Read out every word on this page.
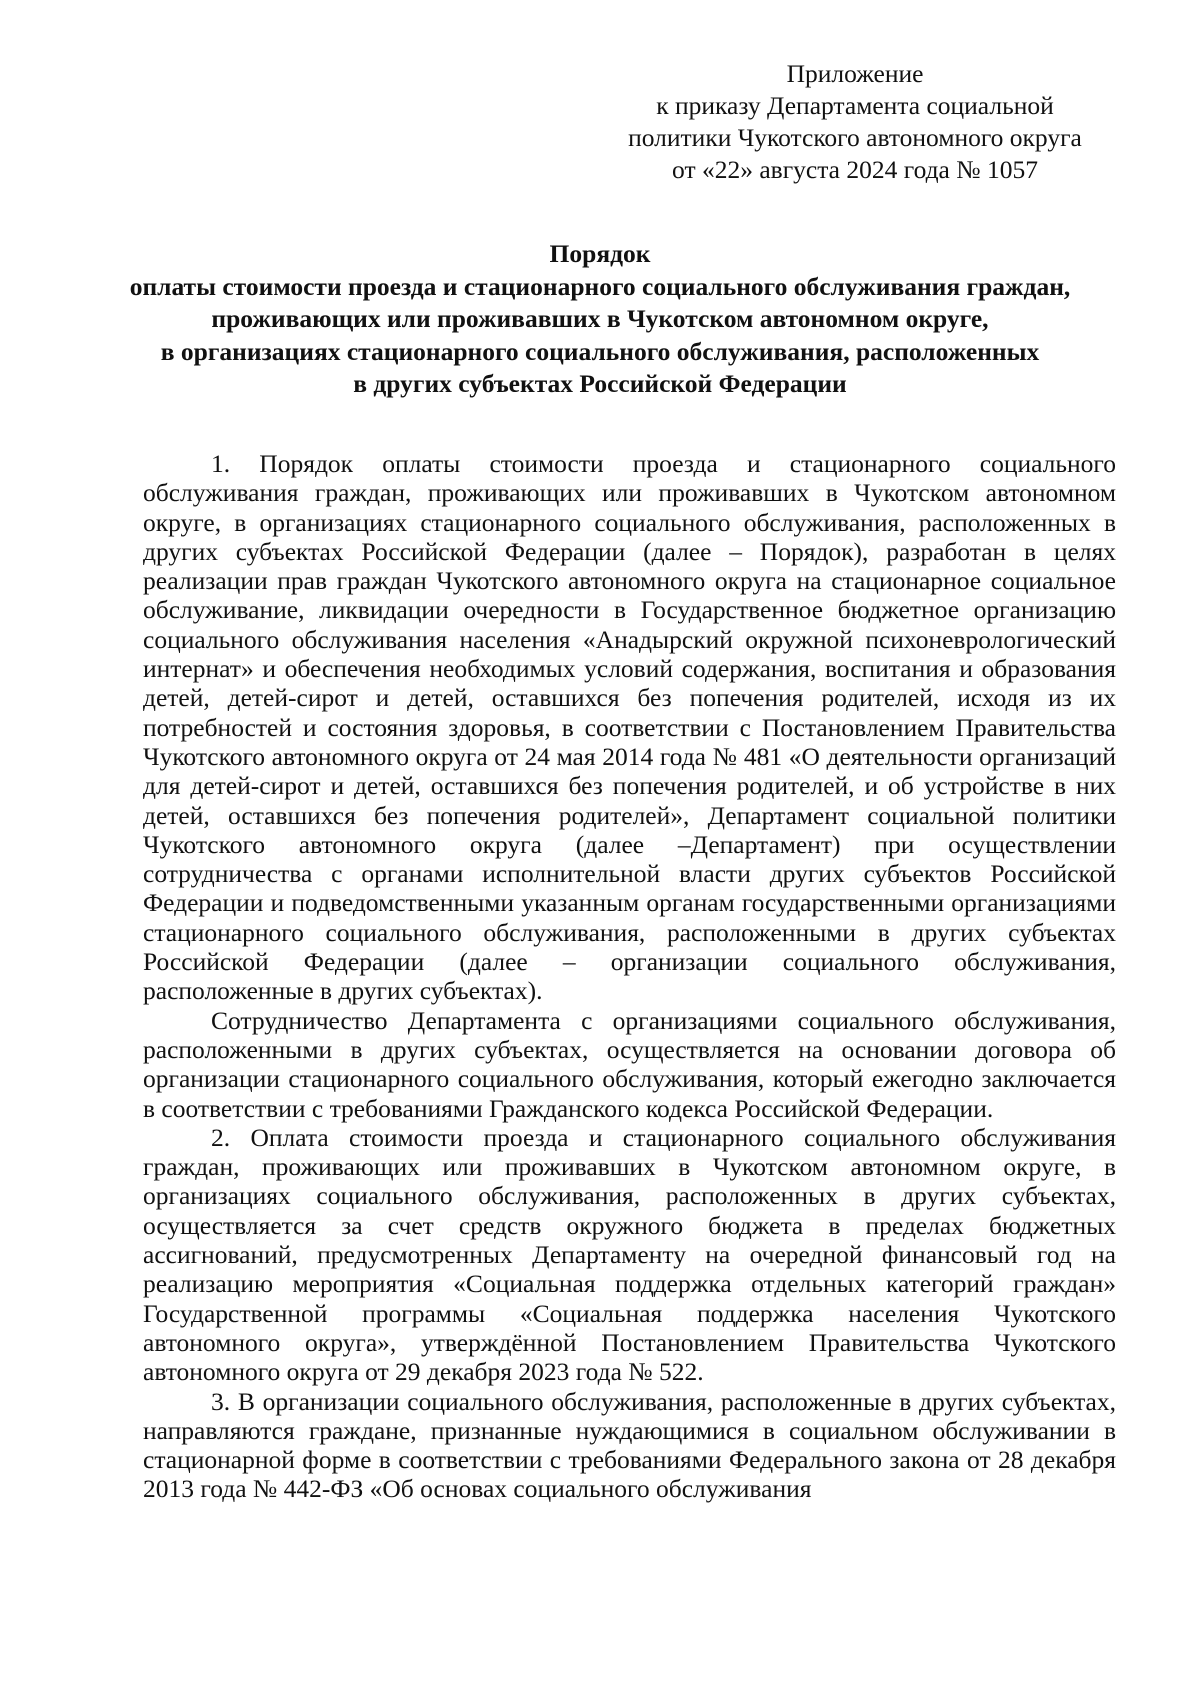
Приложение
к приказу Департамента социальной
политики Чукотского автономного округа
от «22» августа 2024 года № 1057
Порядок
оплаты стоимости проезда и стационарного социального обслуживания граждан,
проживающих или проживавших в Чукотском автономном округе,
в организациях стационарного социального обслуживания, расположенных
в других субъектах Российской Федерации

1. Порядок оплаты стоимости проезда и стационарного социального обслуживания граждан, проживающих или проживавших в Чукотском автономном округе, в организациях стационарного социального обслуживания, расположенных в других субъектах Российской Федерации (далее – Порядок), разработан в целях реализации прав граждан Чукотского автономного округа на стационарное социальное обслуживание, ликвидации очередности в Государственное бюджетное организацию социального обслуживания населения «Анадырский окружной психоневрологический интернат» и обеспечения необходимых условий содержания, воспитания и образования детей, детей-сирот и детей, оставшихся без попечения родителей, исходя из их потребностей и состояния здоровья, в соответствии с Постановлением Правительства Чукотского автономного округа от 24 мая 2014 года № 481 «О деятельности организаций для детей-сирот и детей, оставшихся без попечения родителей, и об устройстве в них детей, оставшихся без попечения родителей», Департамент социальной политики Чукотского автономного округа (далее –Департамент) при осуществлении сотрудничества с органами исполнительной власти других субъектов Российской Федерации и подведомственными указанным органам государственными организациями стационарного социального обслуживания, расположенными в других субъектах Российской Федерации (далее – организации социального обслуживания, расположенные в других субъектах).

Сотрудничество Департамента с организациями социального обслуживания, расположенными в других субъектах, осуществляется на основании договора об организации стационарного социального обслуживания, который ежегодно заключается в соответствии с требованиями Гражданского кодекса Российской Федерации.

2. Оплата стоимости проезда и стационарного социального обслуживания граждан, проживающих или проживавших в Чукотском автономном округе, в организациях социального обслуживания, расположенных в других субъектах, осуществляется за счет средств окружного бюджета в пределах бюджетных ассигнований, предусмотренных Департаменту на очередной финансовый год на реализацию мероприятия «Социальная поддержка отдельных категорий граждан» Государственной программы «Социальная поддержка населения Чукотского автономного округа», утверждённой Постановлением Правительства Чукотского автономного округа от 29 декабря 2023 года № 522.

3. В организации социального обслуживания, расположенные в других субъектах, направляются граждане, признанные нуждающимися в социальном обслуживании в стационарной форме в соответствии с требованиями Федерального закона от 28 декабря 2013 года № 442-ФЗ «Об основах социального обслуживания
